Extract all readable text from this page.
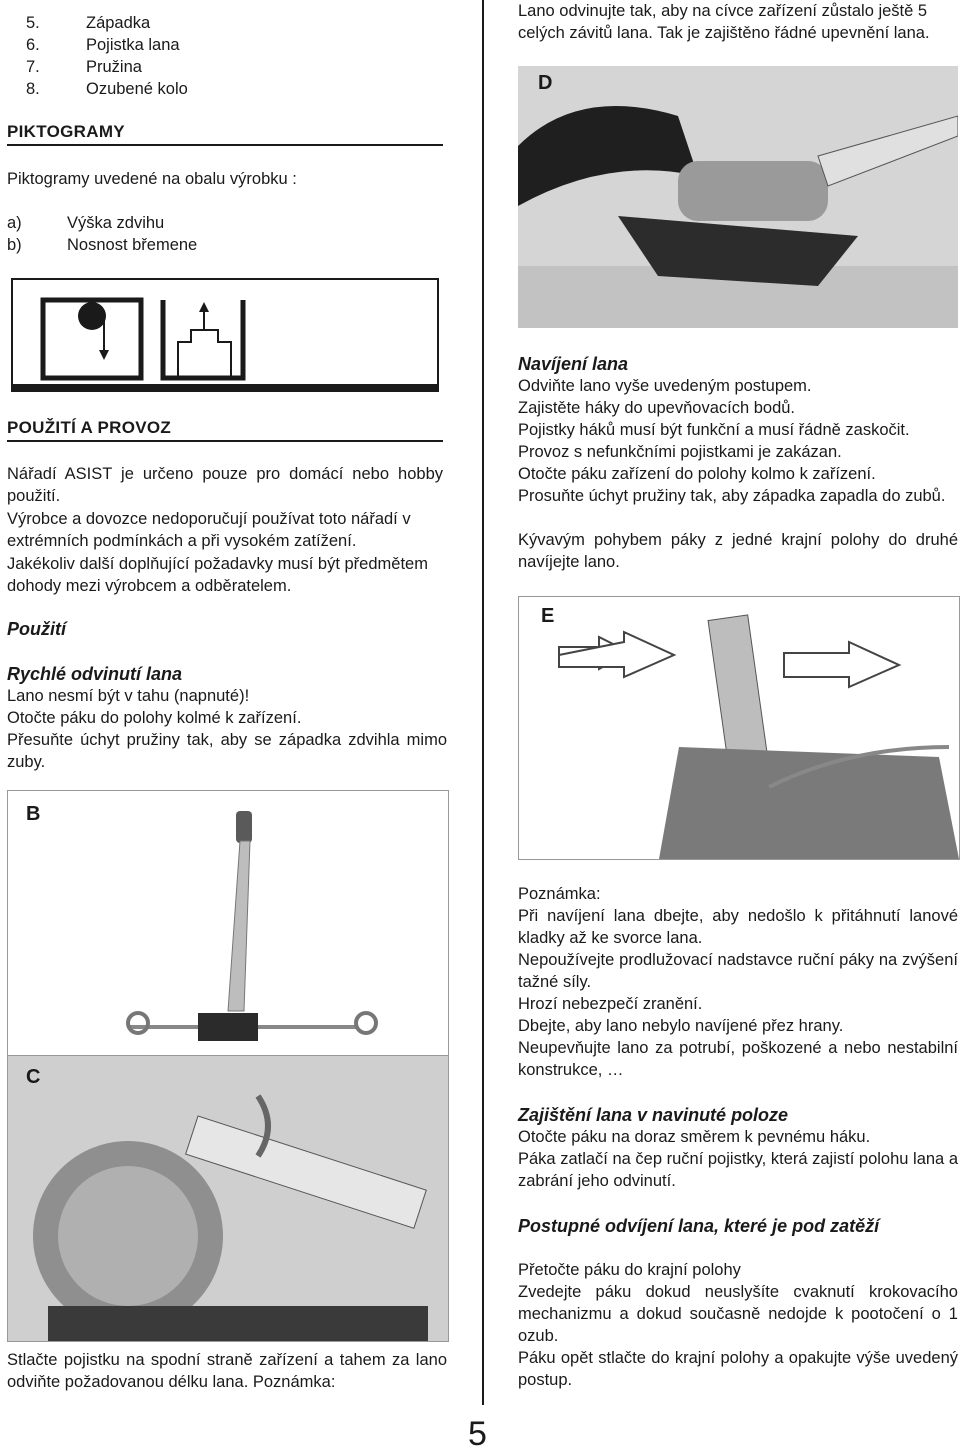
5.	Západka
6.	Pojistka lana
7.	Pružina
8.	Ozubené kolo
PIKTOGRAMY

Piktogramy uvedené na obalu výrobku :

a)	Výška zdvihu
b)	Nosnost břemene
POUŽITÍ A PROVOZ

Nářadí ASIST je určeno pouze pro domácí nebo hobby použití.

Výrobce a dovozce nedoporučují používat toto nářadí v extrémních podmínkách a při vysokém zatížení.

Jakékoliv další doplňující požadavky musí být předmětem dohody mezi výrobcem a odběratelem.

Použití

Rychlé odvinutí lana

Lano nesmí být v tahu (napnuté)!

Otočte páku do polohy kolmé k zařízení.

Přesuňte úchyt pružiny tak, aby se západka zdvihla mimo zuby.

B
C

Stlačte pojistku na spodní straně zařízení a tahem za lano odviňte požadovanou délku lana. Poznámka:

Lano odvinujte tak, aby na cívce zařízení zůstalo ještě 5 celých závitů lana. Tak je zajištěno řádné upevnění lana.

D

Navíjení lana

Odviňte lano vyše uvedeným postupem.

Zajistěte háky do upevňovacích bodů.

Pojistky háků musí být funkční a musí řádně zaskočit.

Provoz s nefunkčními pojistkami je zakázan.

Otočte páku zařízení do polohy kolmo k zařízení.

Prosuňte úchyt pružiny tak, aby západka zapadla do zubů.

Kývavým pohybem páky z jedné krajní polohy do druhé navíjejte lano.

E

Poznámka:

Při navíjení lana dbejte, aby nedošlo k přitáhnutí lanové kladky až ke svorce lana.

Nepoužívejte prodlužovací nadstavce ruční páky na zvýšení tažné síly.

Hrozí nebezpečí zranění.

Dbejte, aby lano nebylo navíjené přez hrany.

Neupevňujte lano za potrubí, poškozené a nebo nestabilní konstrukce, …

Zajištění lana v navinuté poloze

Otočte páku na doraz směrem k pevnému háku.

Páka zatlačí na čep ruční pojistky, která zajistí polohu lana a zabrání jeho odvinutí.

Postupné odvíjení lana, které je pod zatěží

Přetočte páku do krajní polohy

Zvedejte páku dokud neuslyšíte cvaknutí krokovacího mechanizmu a dokud současně nedojde k pootočení o 1 ozub.

Páku opět stlačte do krajní polohy a opakujte výše uvedený postup.

5
